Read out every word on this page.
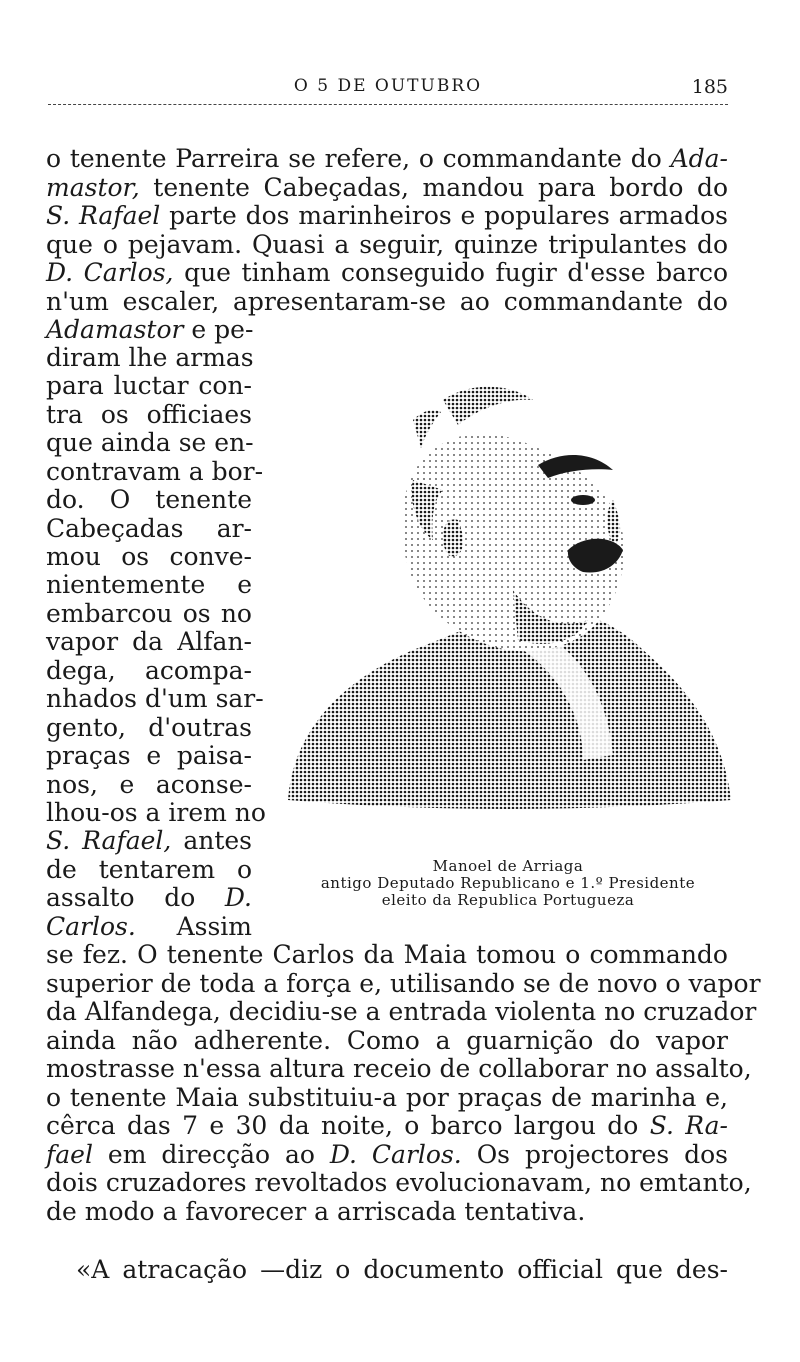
O 5 DE OUTUBRO	185
o tenente Parreira se refere, o commandante do Ada-
mastor, tenente Cabeçadas, mandou para bordo do
S. Rafael parte dos marinheiros e populares armados
que o pejavam. Quasi a seguir, quinze tripulantes do
D. Carlos, que tinham conseguido fugir d'esse barco
n'um escaler, apresentaram-se ao commandante do
Adamastor e pe-
diram lhe armas
para luctar con-
tra os officiaes
que ainda se en-
contravam a bor-
do. O tenente
Cabeçadas ar-
mou os conve-
nientemente e
embarcou os no
vapor da Alfan-
dega, acompa-
nhados d'um sar-
gento, d'outras
praças e paisa-
nos, e aconse-
lhou-os a irem no
S. Rafael, antes
de tentarem o
assalto do D.
Carlos. Assim
se fez. O tenente Carlos da Maia tomou o commando
superior de toda a força e, utilisando se de novo o vapor
da Alfandega, decidiu-se a entrada violenta no cruzador
ainda não adherente. Como a guarnição do vapor
mostrasse n'essa altura receio de collaborar no assalto,
o tenente Maia substituiu-a por praças de marinha e,
cêrca das 7 e 30 da noite, o barco largou do S. Ra-
fael em direcção ao D. Carlos. Os projectores dos
dois cruzadores revoltados evolucionavam, no emtanto,
de modo a favorecer a arriscada tentativa.
«A atracação —diz o documento official que des-
Manoel de Arriaga
antigo Deputado Republicano e 1.º Presidente
eleito da Republica Portugueza
